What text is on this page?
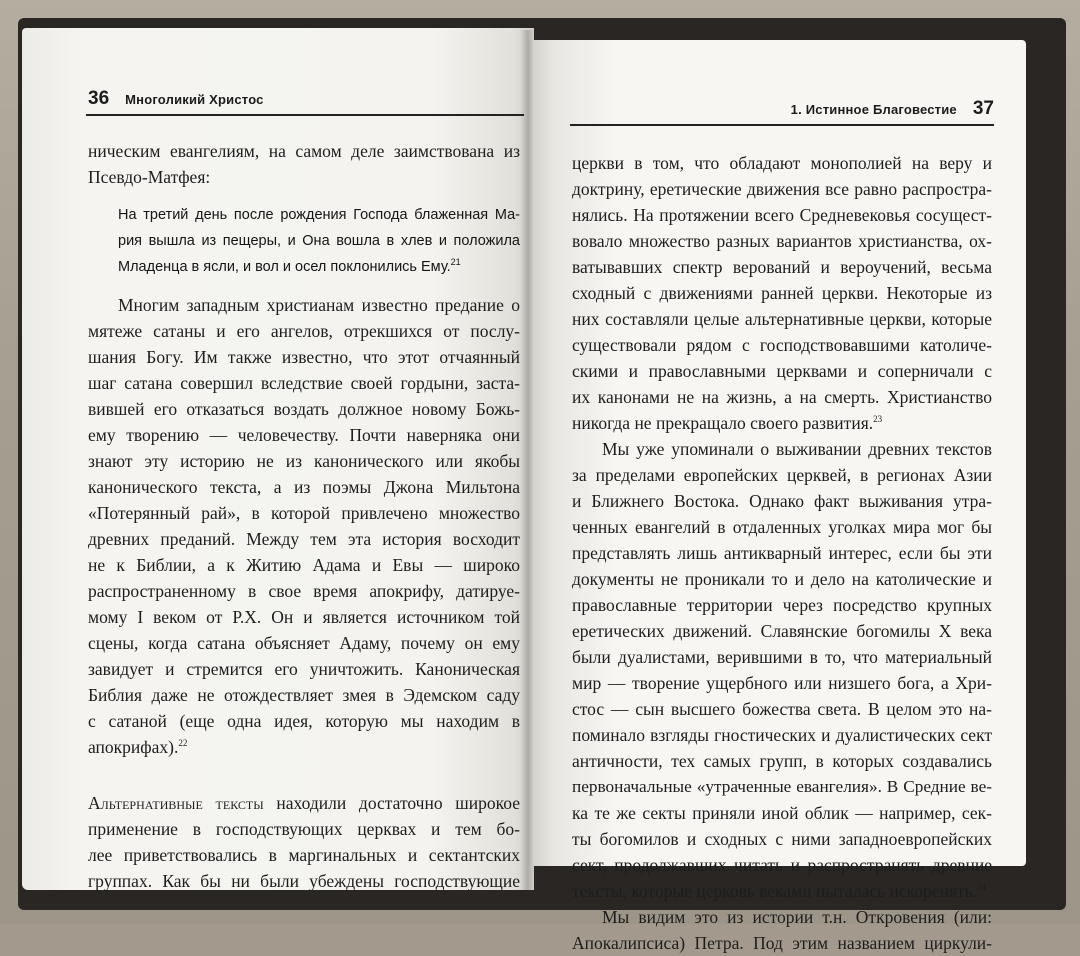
36 Многоликий Христос
ническим евангелиям, на самом деле заимствована из
Псевдо-Матфея:
На третий день после рождения Господа блаженная Ма-
рия вышла из пещеры, и Она вошла в хлев и положила
Младенца в ясли, и вол и осел поклонились Ему.$^{21}$
Многим западным христианам известно предание о
мятеже сатаны и его ангелов, отрекшихся от послу-
шания Богу. Им также известно, что этот отчаянный
шаг сатана совершил вследствие своей гордыни, заста-
вившей его отказаться воздать должное новому Божь-
ему творению — человечеству. Почти наверняка они
знают эту историю не из канонического или якобы
канонического текста, а из поэмы Джона Мильтона
«Потерянный рай», в которой привлечено множество
древних преданий. Между тем эта история восходит
не к Библии, а к Житию Адама и Евы — широко
распространенному в свое время апокрифу, датируе-
мому I веком от Р.Х. Он и является источником той
сцены, когда сатана объясняет Адаму, почему он ему
завидует и стремится его уничтожить. Каноническая
Библия даже не отождествляет змея в Эдемском саду
с сатаной (еще одна идея, которую мы находим в
апокрифах).$^{22}$
Альтернативные тексты находили достаточно широкое
применение в господствующих церквах и тем бо-
лее приветствовались в маргинальных и сектантских
группах. Как бы ни были убеждены господствующие
1. Истинное Благовестие 37
церкви в том, что обладают монополией на веру и
доктрину, еретические движения все равно распростра-
нялись. На протяжении всего Средневековья сосущест-
вовало множество разных вариантов христианства, ох-
ватывавших спектр верований и вероучений, весьма
сходный с движениями ранней церкви. Некоторые из
них составляли целые альтернативные церкви, которые
существовали рядом с господствовавшими католиче-
скими и православными церквами и соперничали с
их канонами не на жизнь, а на смерть. Христианство
никогда не прекращало своего развития.$^{23}$
Мы уже упоминали о выживании древних текстов
за пределами европейских церквей, в регионах Азии
и Ближнего Востока. Однако факт выживания утра-
ченных евангелий в отдаленных уголках мира мог бы
представлять лишь антикварный интерес, если бы эти
документы не проникали то и дело на католические и
православные территории через посредство крупных
еретических движений. Славянские богомилы X века
были дуалистами, верившими в то, что материальный
мир — творение ущербного или низшего бога, а Хри-
стос — сын высшего божества света. В целом это на-
поминало взгляды гностических и дуалистических сект
античности, тех самых групп, в которых создавались
первоначальные «утраченные евангелия». В Средние ве-
ка те же секты приняли иной облик — например, сек-
ты богомилов и сходных с ними западноевропейских
сект, продолжавших читать и распространять древние
тексты, которые церковь веками пыталась искоренять.$^{24}$
Мы видим это из истории т.н. Откровения (или:
Апокалипсиса) Петра. Под этим названием циркули-
